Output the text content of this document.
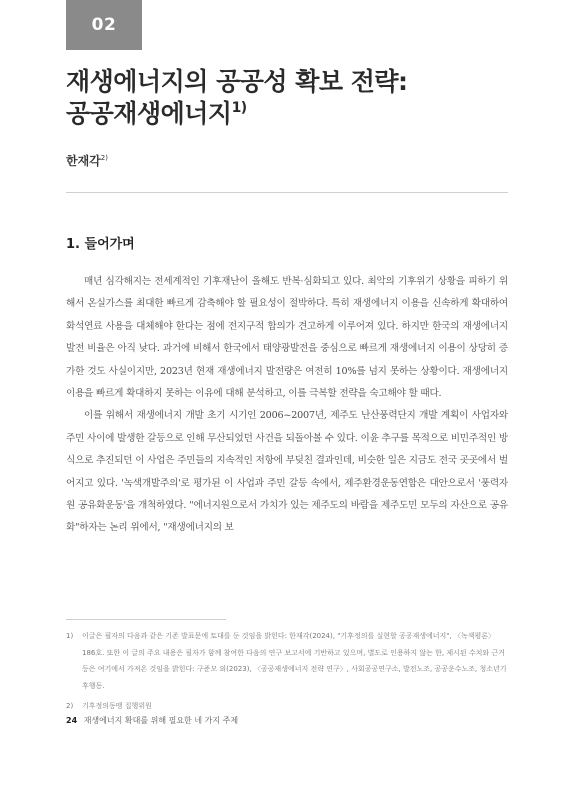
02
재생에너지의 공공성 확보 전략:
공공재생에너지$^{1)}$
한재각$^{2)}$
1. 들어가며

매년 심각해지는 전세계적인 기후재난이 올해도 반복·심화되고 있다. 최악의 기후위기 상황을 피하기 위해서 온실가스를 최대한 빠르게 감축해야 할 필요성이 절박하다. 특히 재생에너지 이용을 신속하게 확대하여 화석연료 사용을 대체해야 한다는 점에 전지구적 합의가 견고하게 이루어져 있다. 하지만 한국의 재생에너지 발전 비율은 아직 낮다. 과거에 비해서 한국에서 태양광발전을 중심으로 빠르게 재생에너지 이용이 상당히 증가한 것도 사실이지만, 2023년 현재 재생에너지 발전량은 여전히 10%를 넘지 못하는 상황이다. 재생에너지 이용을 빠르게 확대하지 못하는 이유에 대해 분석하고, 이를 극복할 전략을 숙고해야 할 때다.

이를 위해서 재생에너지 개발 초기 시기인 2006~2007년, 제주도 난산풍력단지 개발 계획이 사업자와 주민 사이에 발생한 갈등으로 인해 무산되었던 사건을 되돌아볼 수 있다. 이윤 추구를 목적으로 비민주적인 방식으로 추진되던 이 사업은 주민들의 지속적인 저항에 부딪친 결과인데, 비슷한 일은 지금도 전국 곳곳에서 벌어지고 있다. '녹색개발주의'로 평가된 이 사업과 주민 갈등 속에서, 제주환경운동연합은 대안으로서 '풍력자원 공유화운동'을 개척하였다. "에너지원으로서 가치가 있는 제주도의 바람을 제주도민 모두의 자산으로 공유화"하자는 논리 위에서, "재생에너지의 보

1)	이글은 필자의 다음과 같은 기존 발표문에 토대를 둔 것임을 밝힌다: 한재각(2024), "기후정의를 실현할 공공재생에너지", 〈녹색평론〉 186호. 또한 이 글의 주요 내용은 필자가 함께 참여한 다음의 연구 보고서에 기반하고 있으며, 별도로 인용하지 않는 한, 제시된 수치와 근거 등은 여기에서 가져온 것임을 밝힌다: 구준모 외(2023), 〈공공재생에너지 전략 연구〉, 사회공공연구소, 발전노조, 공공운수노조, 청소년기후행동.
2)	기후정의동맹 집행위원
24 재생에너지 확대를 위해 필요한 네 가지 주제
